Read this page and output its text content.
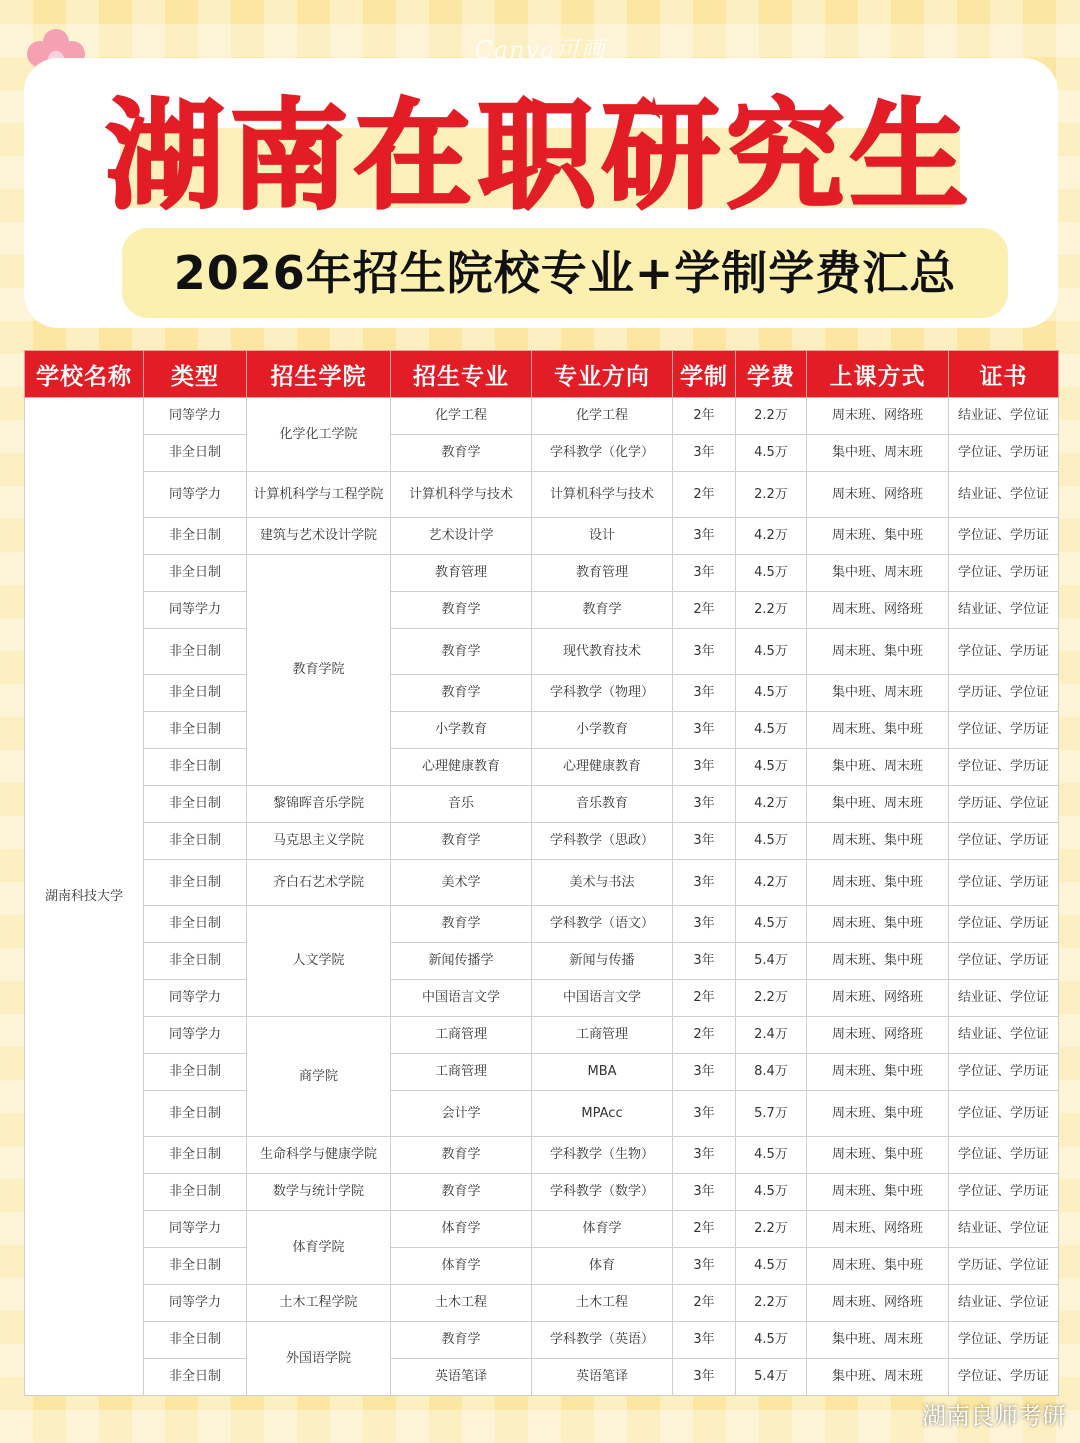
Canva可画
湖南在职研究生
2026年招生院校专业+学制学费汇总
学校名称	类型	招生学院	招生专业	专业方向	学制	学费	上课方式	证书
湖南科技大学	同等学力	化学化工学院	化学工程	化学工程	2年	2.2万	周末班、网络班	结业证、学位证
	非全日制		教育学	学科教学（化学）	3年	4.5万	集中班、周末班	学位证、学历证
	同等学力	计算机科学与工程学院	计算机科学与技术	计算机科学与技术	2年	2.2万	周末班、网络班	结业证、学位证
	非全日制	建筑与艺术设计学院	艺术设计学	设计	3年	4.2万	周末班、集中班	学位证、学历证
	非全日制	教育学院	教育管理	教育管理	3年	4.5万	集中班、周末班	学位证、学历证
	同等学力		教育学	教育学	2年	2.2万	周末班、网络班	结业证、学位证
	非全日制		教育学	现代教育技术	3年	4.5万	周末班、集中班	学位证、学历证
	非全日制		教育学	学科教学（物理）	3年	4.5万	集中班、周末班	学历证、学位证
	非全日制		小学教育	小学教育	3年	4.5万	周末班、集中班	学位证、学历证
	非全日制		心理健康教育	心理健康教育	3年	4.5万	集中班、周末班	学位证、学历证
	非全日制	黎锦晖音乐学院	音乐	音乐教育	3年	4.2万	集中班、周末班	学历证、学位证
	非全日制	马克思主义学院	教育学	学科教学（思政）	3年	4.5万	周末班、集中班	学位证、学历证
	非全日制	齐白石艺术学院	美术学	美术与书法	3年	4.2万	周末班、集中班	学位证、学历证
	非全日制	人文学院	教育学	学科教学（语文）	3年	4.5万	周末班、集中班	学位证、学历证
	非全日制		新闻传播学	新闻与传播	3年	5.4万	周末班、集中班	学位证、学历证
	同等学力		中国语言文学	中国语言文学	2年	2.2万	周末班、网络班	结业证、学位证
	同等学力	商学院	工商管理	工商管理	2年	2.4万	周末班、网络班	结业证、学位证
	非全日制		工商管理	MBA	3年	8.4万	周末班、集中班	学位证、学历证
	非全日制		会计学	MPAcc	3年	5.7万	周末班、集中班	学位证、学历证
	非全日制	生命科学与健康学院	教育学	学科教学（生物）	3年	4.5万	周末班、集中班	学位证、学历证
	非全日制	数学与统计学院	教育学	学科教学（数学）	3年	4.5万	周末班、集中班	学位证、学历证
	同等学力	体育学院	体育学	体育学	2年	2.2万	周末班、网络班	结业证、学位证
	非全日制		体育学	体育	3年	4.5万	周末班、集中班	学历证、学位证
	同等学力	土木工程学院	土木工程	土木工程	2年	2.2万	周末班、网络班	结业证、学位证
	非全日制	外国语学院	教育学	学科教学（英语）	3年	4.5万	集中班、周末班	学位证、学历证
	非全日制		英语笔译	英语笔译	3年	5.4万	集中班、周末班	学位证、学历证
湖南良师考研
